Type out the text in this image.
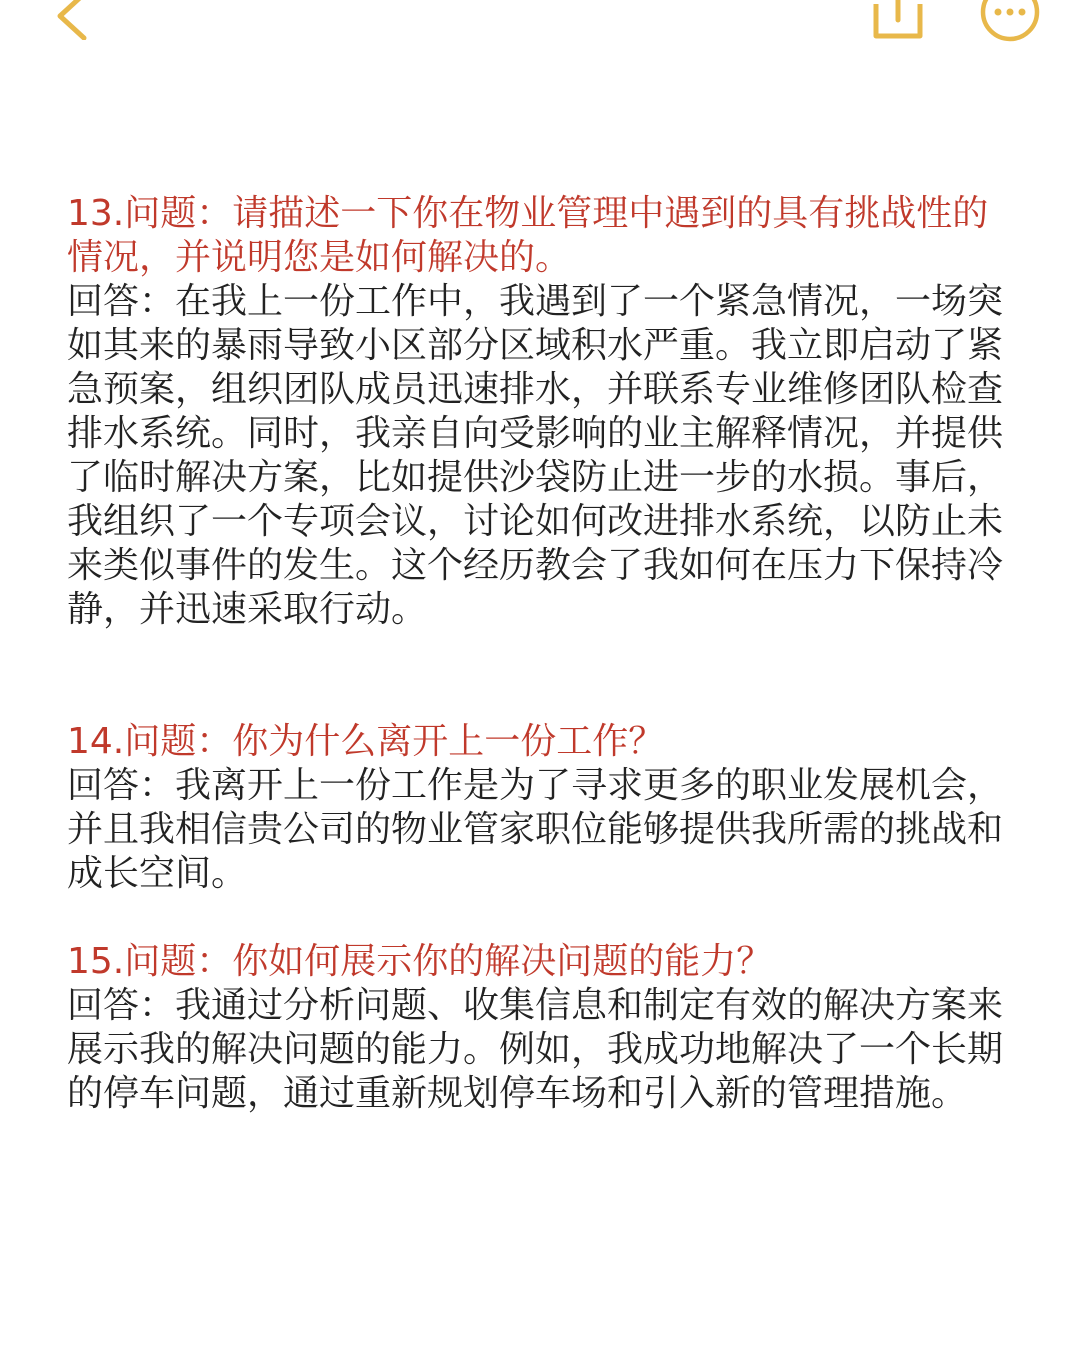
13.问题：请描述一下你在物业管理中遇到的具有挑战性的情况，并说明您是如何解决的。

回答：在我上一份工作中，我遇到了一个紧急情况，一场突如其来的暴雨导致小区部分区域积水严重。我立即启动了紧急预案，组织团队成员迅速排水，并联系专业维修团队检查排水系统。同时，我亲自向受影响的业主解释情况，并提供了临时解决方案，比如提供沙袋防止进一步的水损。事后，我组织了一个专项会议，讨论如何改进排水系统，以防止未来类似事件的发生。这个经历教会了我如何在压力下保持冷静，并迅速采取行动。

14.问题：你为什么离开上一份工作？

回答：我离开上一份工作是为了寻求更多的职业发展机会，并且我相信贵公司的物业管家职位能够提供我所需的挑战和成长空间。

15.问题：你如何展示你的解决问题的能力？

回答：我通过分析问题、收集信息和制定有效的解决方案来展示我的解决问题的能力。例如，我成功地解决了一个长期的停车问题，通过重新规划停车场和引入新的管理措施。
